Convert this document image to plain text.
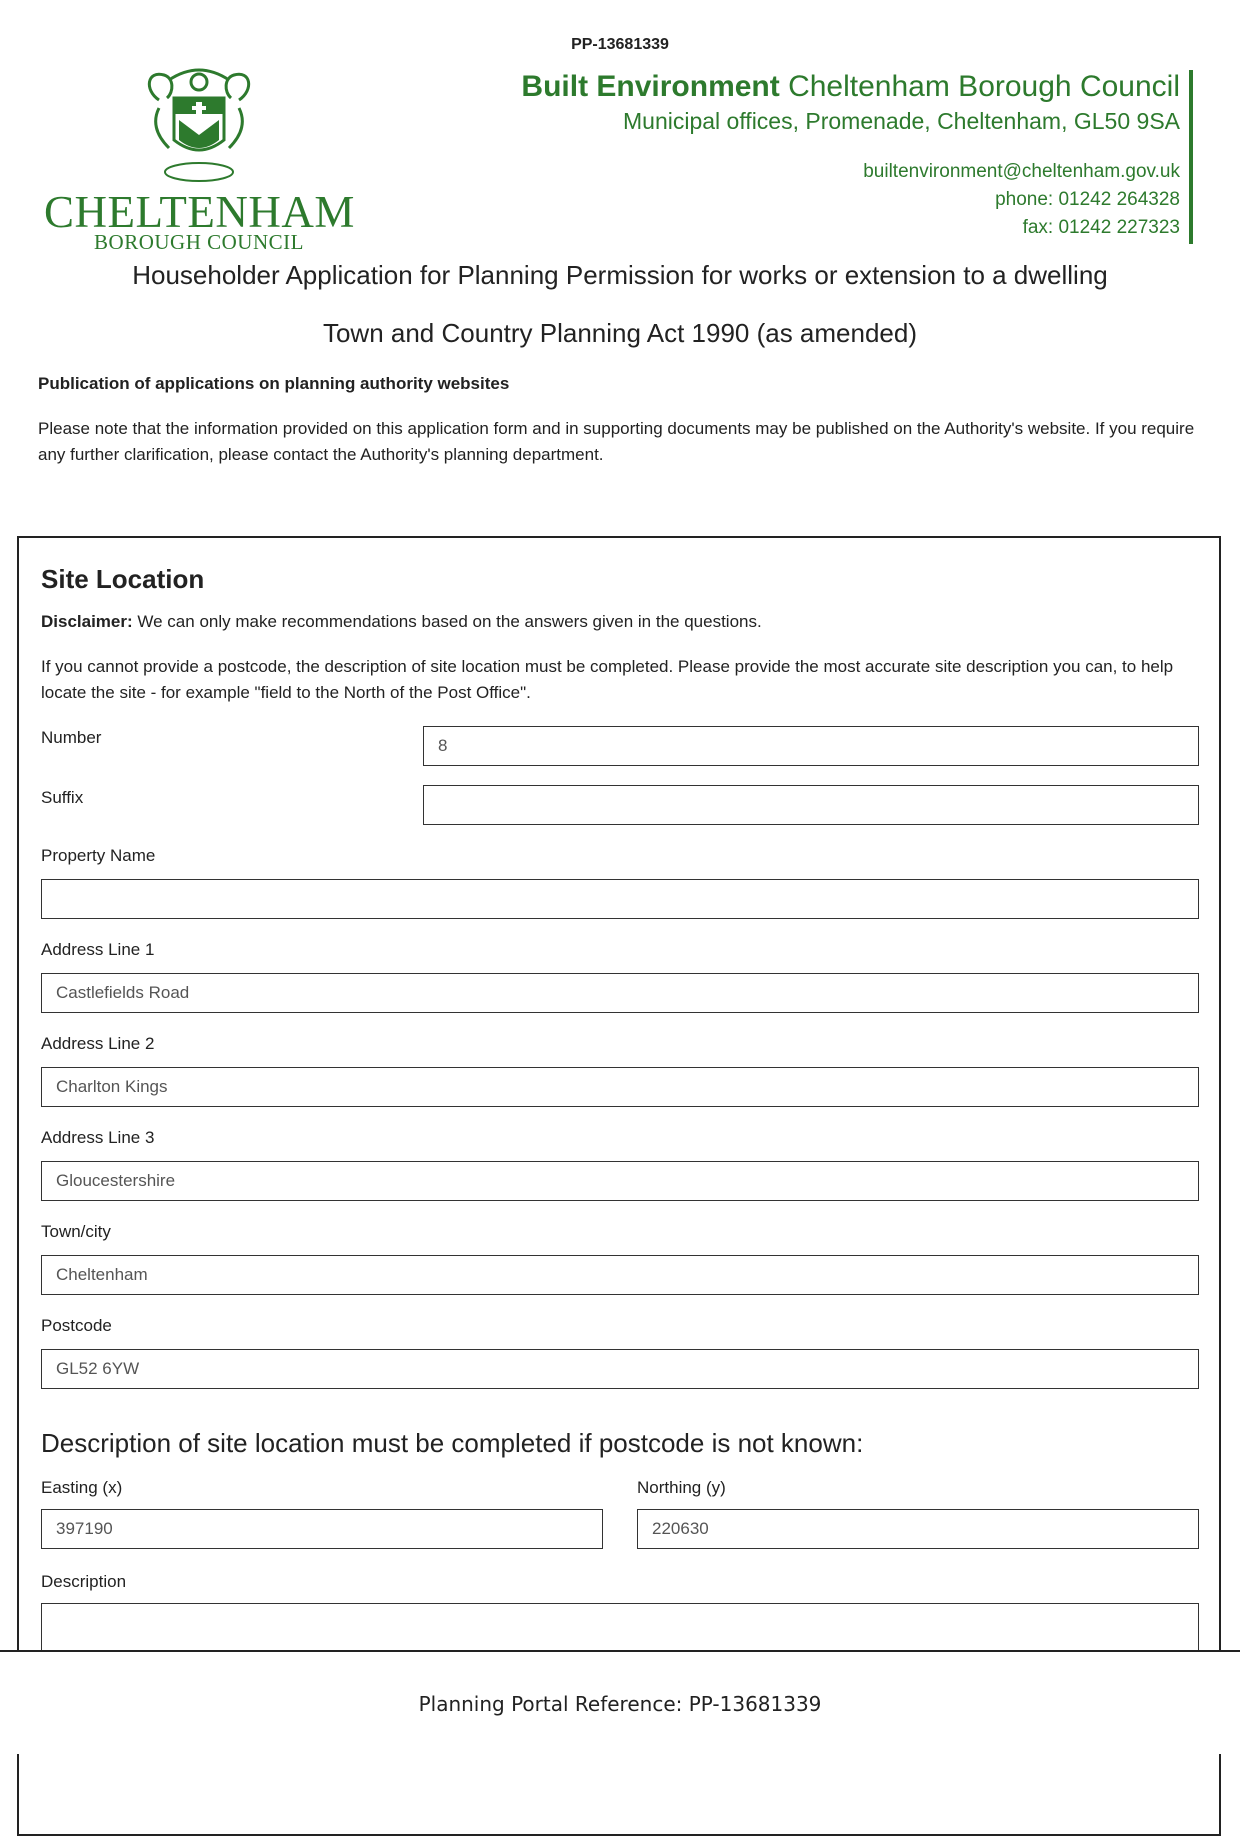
PP-13681339
CHELTENHAM
BOROUGH COUNCIL
Built Environment Cheltenham Borough Council
Municipal offices, Promenade, Cheltenham, GL50 9SA
builtenvironment@cheltenham.gov.uk
phone: 01242 264328
fax: 01242 227323
Householder Application for Planning Permission for works or extension to a dwelling
Town and Country Planning Act 1990 (as amended)
Publication of applications on planning authority websites
Please note that the information provided on this application form and in supporting documents may be published on the Authority's website. If you require any further clarification, please contact the Authority's planning department.
Site Location
Disclaimer: We can only make recommendations based on the answers given in the questions.
If you cannot provide a postcode, the description of site location must be completed. Please provide the most accurate site description you can, to help locate the site - for example "field to the North of the Post Office".
Number	8
Suffix
Property Name
Address Line 1
Castlefields Road
Address Line 2
Charlton Kings
Address Line 3
Gloucestershire
Town/city
Cheltenham
Postcode
GL52 6YW
Description of site location must be completed if postcode is not known:
Easting (x)
397190
Northing (y)
220630
Description
Planning Portal Reference: PP-13681339
